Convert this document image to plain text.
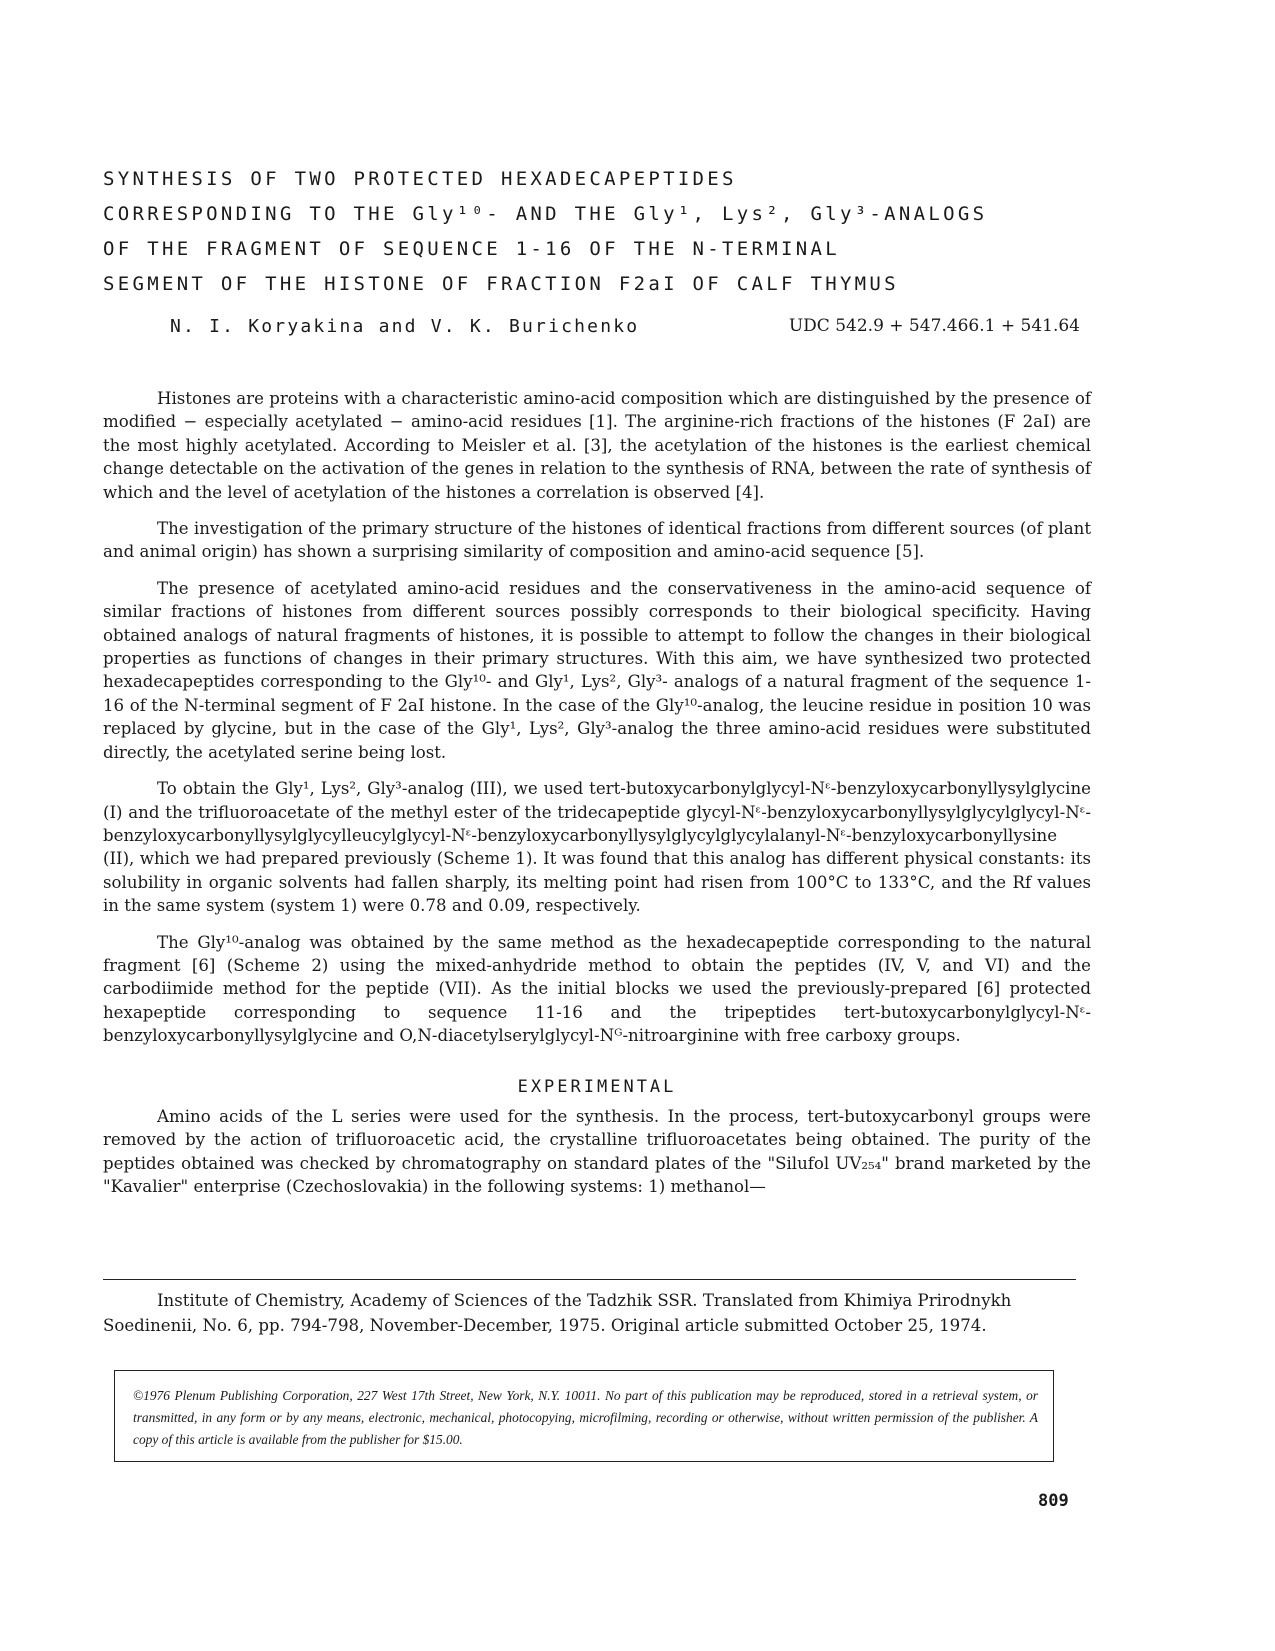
SYNTHESIS OF TWO PROTECTED HEXADECAPEPTIDES
CORRESPONDING TO THE Gly¹⁰- AND THE Gly¹, Lys², Gly³-ANALOGS
OF THE FRAGMENT OF SEQUENCE 1-16 OF THE N-TERMINAL
SEGMENT OF THE HISTONE OF FRACTION F2aI OF CALF THYMUS
N. I. Koryakina and V. K. Burichenko	UDC 542.9 + 547.466.1 + 541.64

Histones are proteins with a characteristic amino-acid composition which are distinguished by the presence of modified − especially acetylated − amino-acid residues [1]. The arginine-rich fractions of the histones (F 2aI) are the most highly acetylated. According to Meisler et al. [3], the acetylation of the histones is the earliest chemical change detectable on the activation of the genes in relation to the synthesis of RNA, between the rate of synthesis of which and the level of acetylation of the histones a correlation is observed [4].

The investigation of the primary structure of the histones of identical fractions from different sources (of plant and animal origin) has shown a surprising similarity of composition and amino-acid sequence [5].

The presence of acetylated amino-acid residues and the conservativeness in the amino-acid sequence of similar fractions of histones from different sources possibly corresponds to their biological specificity. Having obtained analogs of natural fragments of histones, it is possible to attempt to follow the changes in their biological properties as functions of changes in their primary structures. With this aim, we have synthesized two protected hexadecapeptides corresponding to the Gly¹⁰- and Gly¹, Lys², Gly³- analogs of a natural fragment of the sequence 1-16 of the N-terminal segment of F 2aI histone. In the case of the Gly¹⁰-analog, the leucine residue in position 10 was replaced by glycine, but in the case of the Gly¹, Lys², Gly³-analog the three amino-acid residues were substituted directly, the acetylated serine being lost.

To obtain the Gly¹, Lys², Gly³-analog (III), we used tert-butoxycarbonylglycyl-Nᵋ-benzyloxycarbonyllysylglycine (I) and the trifluoroacetate of the methyl ester of the tridecapeptide glycyl-Nᵋ-benzyloxycarbonyllysylglycylglycyl-Nᵋ-benzyloxycarbonyllysylglycylleucylglycyl-Nᵋ-benzyloxycarbonyllysylglycylglycylalanyl-Nᵋ-benzyloxycarbonyllysine (II), which we had prepared previously (Scheme 1). It was found that this analog has different physical constants: its solubility in organic solvents had fallen sharply, its melting point had risen from 100°C to 133°C, and the Rf values in the same system (system 1) were 0.78 and 0.09, respectively.

The Gly¹⁰-analog was obtained by the same method as the hexadecapeptide corresponding to the natural fragment [6] (Scheme 2) using the mixed-anhydride method to obtain the peptides (IV, V, and VI) and the carbodiimide method for the peptide (VII). As the initial blocks we used the previously-prepared [6] protected hexapeptide corresponding to sequence 11-16 and the tripeptides tert-butoxycarbonylglycyl-Nᵋ-benzyloxycarbonyllysylglycine and O,N-diacetylserylglycyl-Nᴳ-nitroarginine with free carboxy groups.

EXPERIMENTAL

Amino acids of the L series were used for the synthesis. In the process, tert-butoxycarbonyl groups were removed by the action of trifluoroacetic acid, the crystalline trifluoroacetates being obtained. The purity of the peptides obtained was checked by chromatography on standard plates of the "Silufol UV₂₅₄" brand marketed by the "Kavalier" enterprise (Czechoslovakia) in the following systems: 1) methanol—

Institute of Chemistry, Academy of Sciences of the Tadzhik SSR. Translated from Khimiya Prirodnykh Soedinenii, No. 6, pp. 794-798, November-December, 1975. Original article submitted October 25, 1974.

©1976 Plenum Publishing Corporation, 227 West 17th Street, New York, N.Y. 10011. No part of this publication may be reproduced, stored in a retrieval system, or transmitted, in any form or by any means, electronic, mechanical, photocopying, microfilming, recording or otherwise, without written permission of the publisher. A copy of this article is available from the publisher for $15.00.
809
